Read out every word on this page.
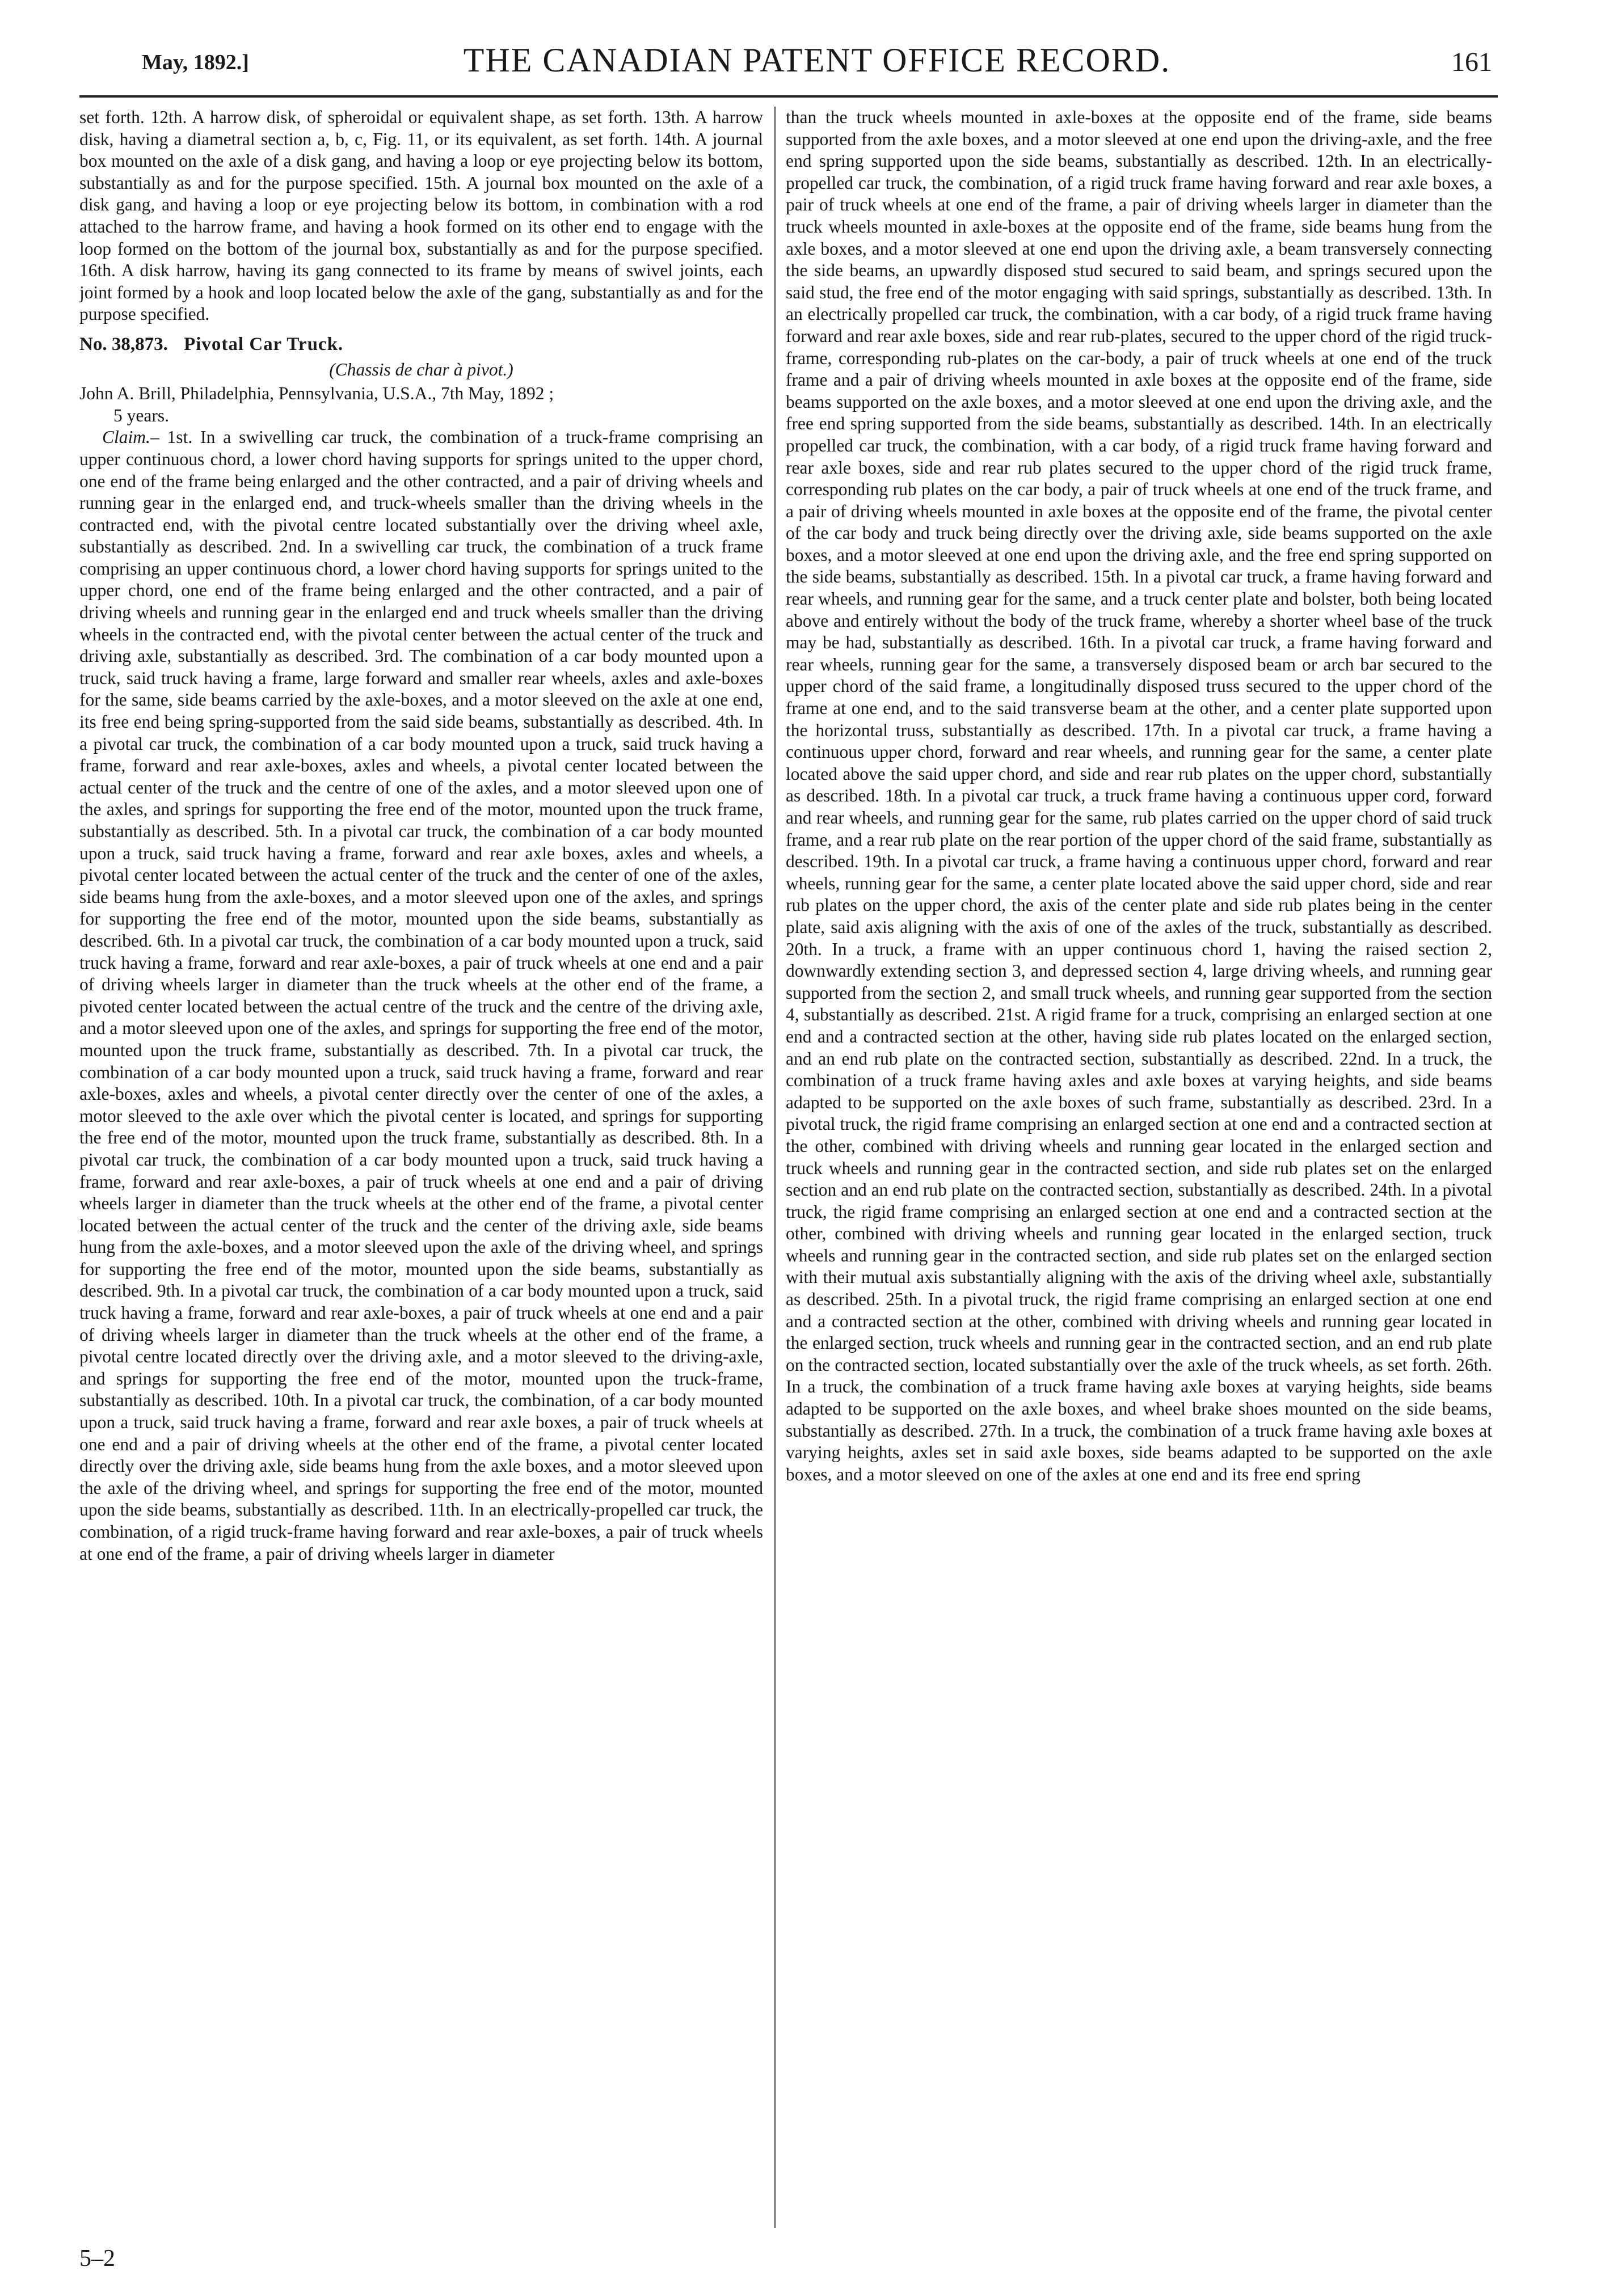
May, 1892.]	THE CANADIAN PATENT OFFICE RECORD.	161

set forth. 12th. A harrow disk, of spheroidal or equivalent shape, as set forth. 13th. A harrow disk, having a diametral section a, b, c, Fig. 11, or its equivalent, as set forth. 14th. A journal box mounted on the axle of a disk gang, and having a loop or eye projecting below its bottom, substantially as and for the purpose specified. 15th. A journal box mounted on the axle of a disk gang, and having a loop or eye projecting below its bottom, in combination with a rod attached to the harrow frame, and having a hook formed on its other end to engage with the loop formed on the bottom of the journal box, substantially as and for the purpose specified. 16th. A disk harrow, having its gang connected to its frame by means of swivel joints, each joint formed by a hook and loop located below the axle of the gang, substantially as and for the purpose specified.

No. 38,873. Pivotal Car Truck.

(Chassis de char à pivot.)

John A. Brill, Philadelphia, Pennsylvania, U.S.A., 7th May, 1892 ;

5 years.

Claim.– 1st. In a swivelling car truck, the combination of a truck-frame comprising an upper continuous chord, a lower chord having supports for springs united to the upper chord, one end of the frame being enlarged and the other contracted, and a pair of driving wheels and running gear in the enlarged end, and truck-wheels smaller than the driving wheels in the contracted end, with the pivotal centre located substantially over the driving wheel axle, substantially as described. 2nd. In a swivelling car truck, the combination of a truck frame comprising an upper continuous chord, a lower chord having supports for springs united to the upper chord, one end of the frame being enlarged and the other contracted, and a pair of driving wheels and running gear in the enlarged end and truck wheels smaller than the driving wheels in the contracted end, with the pivotal center between the actual center of the truck and driving axle, substantially as described. 3rd. The combination of a car body mounted upon a truck, said truck having a frame, large forward and smaller rear wheels, axles and axle-boxes for the same, side beams carried by the axle-boxes, and a motor sleeved on the axle at one end, its free end being spring-supported from the said side beams, substantially as described. 4th. In a pivotal car truck, the combination of a car body mounted upon a truck, said truck having a frame, forward and rear axle-boxes, axles and wheels, a pivotal center located between the actual center of the truck and the centre of one of the axles, and a motor sleeved upon one of the axles, and springs for supporting the free end of the motor, mounted upon the truck frame, substantially as described. 5th. In a pivotal car truck, the combination of a car body mounted upon a truck, said truck having a frame, forward and rear axle boxes, axles and wheels, a pivotal center located between the actual center of the truck and the center of one of the axles, side beams hung from the axle-boxes, and a motor sleeved upon one of the axles, and springs for supporting the free end of the motor, mounted upon the side beams, substantially as described. 6th. In a pivotal car truck, the combination of a car body mounted upon a truck, said truck having a frame, forward and rear axle-boxes, a pair of truck wheels at one end and a pair of driving wheels larger in diameter than the truck wheels at the other end of the frame, a pivoted center located between the actual centre of the truck and the centre of the driving axle, and a motor sleeved upon one of the axles, and springs for supporting the free end of the motor, mounted upon the truck frame, substantially as described. 7th. In a pivotal car truck, the combination of a car body mounted upon a truck, said truck having a frame, forward and rear axle-boxes, axles and wheels, a pivotal center directly over the center of one of the axles, a motor sleeved to the axle over which the pivotal center is located, and springs for supporting the free end of the motor, mounted upon the truck frame, substantially as described. 8th. In a pivotal car truck, the combination of a car body mounted upon a truck, said truck having a frame, forward and rear axle-boxes, a pair of truck wheels at one end and a pair of driving wheels larger in diameter than the truck wheels at the other end of the frame, a pivotal center located between the actual center of the truck and the center of the driving axle, side beams hung from the axle-boxes, and a motor sleeved upon the axle of the driving wheel, and springs for supporting the free end of the motor, mounted upon the side beams, substantially as described. 9th. In a pivotal car truck, the combination of a car body mounted upon a truck, said truck having a frame, forward and rear axle-boxes, a pair of truck wheels at one end and a pair of driving wheels larger in diameter than the truck wheels at the other end of the frame, a pivotal centre located directly over the driving axle, and a motor sleeved to the driving-axle, and springs for supporting the free end of the motor, mounted upon the truck-frame, substantially as described. 10th. In a pivotal car truck, the combination, of a car body mounted upon a truck, said truck having a frame, forward and rear axle boxes, a pair of truck wheels at one end and a pair of driving wheels at the other end of the frame, a pivotal center located directly over the driving axle, side beams hung from the axle boxes, and a motor sleeved upon the axle of the driving wheel, and springs for supporting the free end of the motor, mounted upon the side beams, substantially as described. 11th. In an electrically-propelled car truck, the combination, of a rigid truck-frame having forward and rear axle-boxes, a pair of truck wheels at one end of the frame, a pair of driving wheels larger in diameter

than the truck wheels mounted in axle-boxes at the opposite end of the frame, side beams supported from the axle boxes, and a motor sleeved at one end upon the driving-axle, and the free end spring supported upon the side beams, substantially as described. 12th. In an electrically-propelled car truck, the combination, of a rigid truck frame having forward and rear axle boxes, a pair of truck wheels at one end of the frame, a pair of driving wheels larger in diameter than the truck wheels mounted in axle-boxes at the opposite end of the frame, side beams hung from the axle boxes, and a motor sleeved at one end upon the driving axle, a beam transversely connecting the side beams, an upwardly disposed stud secured to said beam, and springs secured upon the said stud, the free end of the motor engaging with said springs, substantially as described. 13th. In an electrically propelled car truck, the combination, with a car body, of a rigid truck frame having forward and rear axle boxes, side and rear rub-plates, secured to the upper chord of the rigid truck-frame, corresponding rub-plates on the car-body, a pair of truck wheels at one end of the truck frame and a pair of driving wheels mounted in axle boxes at the opposite end of the frame, side beams supported on the axle boxes, and a motor sleeved at one end upon the driving axle, and the free end spring supported from the side beams, substantially as described. 14th. In an electrically propelled car truck, the combination, with a car body, of a rigid truck frame having forward and rear axle boxes, side and rear rub plates secured to the upper chord of the rigid truck frame, corresponding rub plates on the car body, a pair of truck wheels at one end of the truck frame, and a pair of driving wheels mounted in axle boxes at the opposite end of the frame, the pivotal center of the car body and truck being directly over the driving axle, side beams supported on the axle boxes, and a motor sleeved at one end upon the driving axle, and the free end spring supported on the side beams, substantially as described. 15th. In a pivotal car truck, a frame having forward and rear wheels, and running gear for the same, and a truck center plate and bolster, both being located above and entirely without the body of the truck frame, whereby a shorter wheel base of the truck may be had, substantially as described. 16th. In a pivotal car truck, a frame having forward and rear wheels, running gear for the same, a transversely disposed beam or arch bar secured to the upper chord of the said frame, a longitudinally disposed truss secured to the upper chord of the frame at one end, and to the said transverse beam at the other, and a center plate supported upon the horizontal truss, substantially as described. 17th. In a pivotal car truck, a frame having a continuous upper chord, forward and rear wheels, and running gear for the same, a center plate located above the said upper chord, and side and rear rub plates on the upper chord, substantially as described. 18th. In a pivotal car truck, a truck frame having a continuous upper cord, forward and rear wheels, and running gear for the same, rub plates carried on the upper chord of said truck frame, and a rear rub plate on the rear portion of the upper chord of the said frame, substantially as described. 19th. In a pivotal car truck, a frame having a continuous upper chord, forward and rear wheels, running gear for the same, a center plate located above the said upper chord, side and rear rub plates on the upper chord, the axis of the center plate and side rub plates being in the center plate, said axis aligning with the axis of one of the axles of the truck, substantially as described. 20th. In a truck, a frame with an upper continuous chord 1, having the raised section 2, downwardly extending section 3, and depressed section 4, large driving wheels, and running gear supported from the section 2, and small truck wheels, and running gear supported from the section 4, substantially as described. 21st. A rigid frame for a truck, comprising an enlarged section at one end and a contracted section at the other, having side rub plates located on the enlarged section, and an end rub plate on the contracted section, substantially as described. 22nd. In a truck, the combination of a truck frame having axles and axle boxes at varying heights, and side beams adapted to be supported on the axle boxes of such frame, substantially as described. 23rd. In a pivotal truck, the rigid frame comprising an enlarged section at one end and a contracted section at the other, combined with driving wheels and running gear located in the enlarged section and truck wheels and running gear in the contracted section, and side rub plates set on the enlarged section and an end rub plate on the contracted section, substantially as described. 24th. In a pivotal truck, the rigid frame comprising an enlarged section at one end and a contracted section at the other, combined with driving wheels and running gear located in the enlarged section, truck wheels and running gear in the contracted section, and side rub plates set on the enlarged section with their mutual axis substantially aligning with the axis of the driving wheel axle, substantially as described. 25th. In a pivotal truck, the rigid frame comprising an enlarged section at one end and a contracted section at the other, combined with driving wheels and running gear located in the enlarged section, truck wheels and running gear in the contracted section, and an end rub plate on the contracted section, located substantially over the axle of the truck wheels, as set forth. 26th. In a truck, the combination of a truck frame having axle boxes at varying heights, side beams adapted to be supported on the axle boxes, and wheel brake shoes mounted on the side beams, substantially as described. 27th. In a truck, the combination of a truck frame having axle boxes at varying heights, axles set in said axle boxes, side beams adapted to be supported on the axle boxes, and a motor sleeved on one of the axles at one end and its free end spring

5–2
